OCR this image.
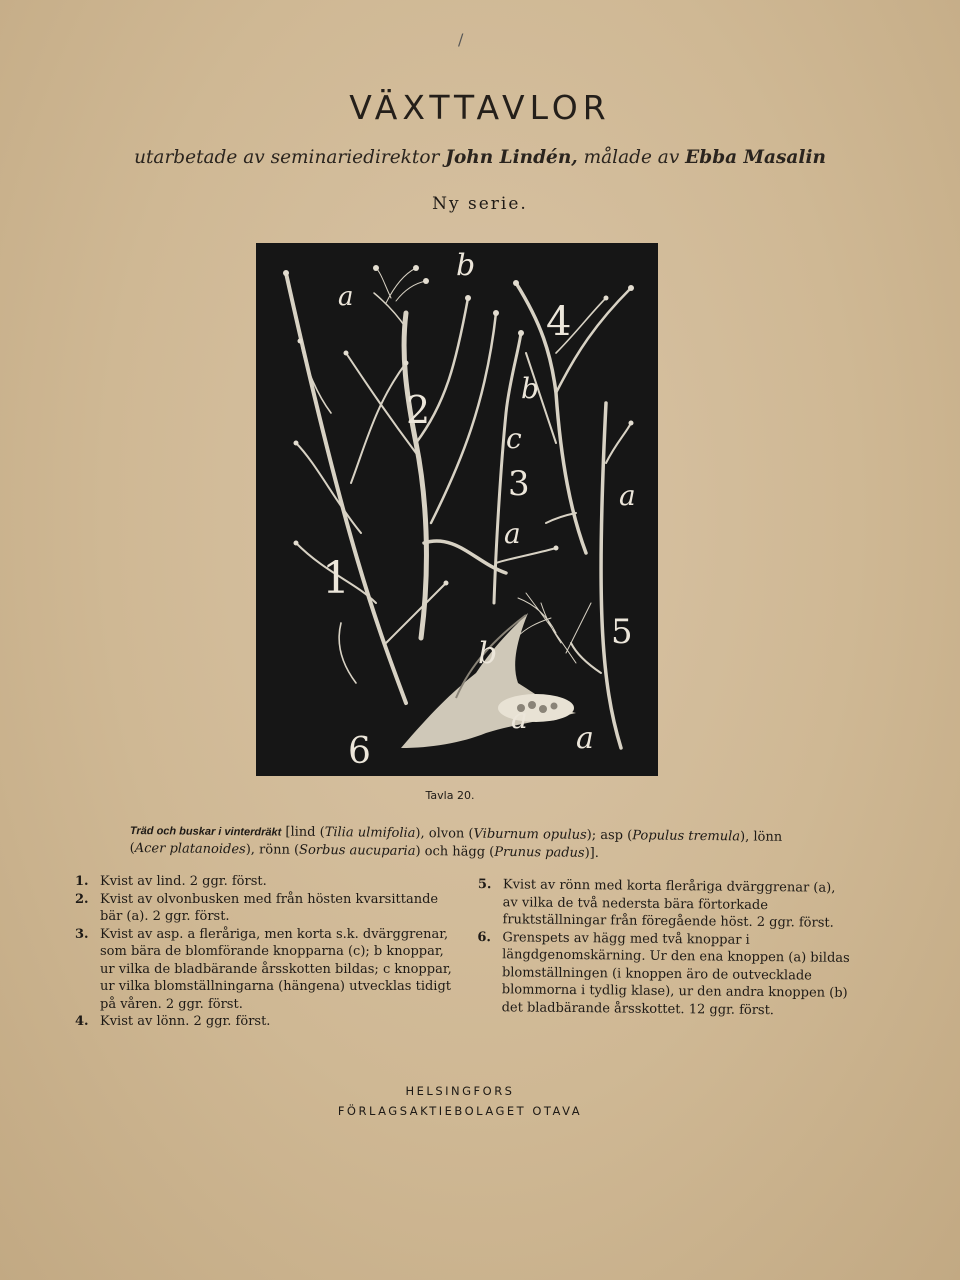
/
VÄXTTAVLOR
utarbetade av seminariedirektor John Lindén, målade av Ebba Masalin
Ny serie.
a
b
4
2	b
c
3	a
a
1
5
b
a
a
6
Tavla 20.
Träd och buskar i vinterdräkt [lind (Tilia ulmifolia), olvon (Viburnum opulus); asp (Populus tremula), lönn (Acer platanoides), rönn (Sorbus aucuparia) och hägg (Prunus padus)].
1. Kvist av lind. 2 ggr. först.
2. Kvist av olvonbusken med från hösten kvarsittande bär (a). 2 ggr. först.
3. Kvist av asp. a fleråriga, men korta s.k. dvärggrenar, som bära de blomförande knopparna (c); b knoppar, ur vilka de bladbärande årsskotten bildas; c knoppar, ur vilka blomställningarna (hängena) utvecklas tidigt på våren. 2 ggr. först.
4. Kvist av lönn. 2 ggr. först.
5. Kvist av rönn med korta fleråriga dvärggrenar (a), av vilka de två nedersta bära förtorkade fruktställningar från föregående höst. 2 ggr. först.
6. Grenspets av hägg med två knoppar i längdgenomskärning. Ur den ena knoppen (a) bildas blomställningen (i knoppen äro de outvecklade blommorna i tydlig klase), ur den andra knoppen (b) det bladbärande årsskottet. 12 ggr. först.
HELSINGFORS
FÖRLAGSAKTIEBOLAGET OTAVA
